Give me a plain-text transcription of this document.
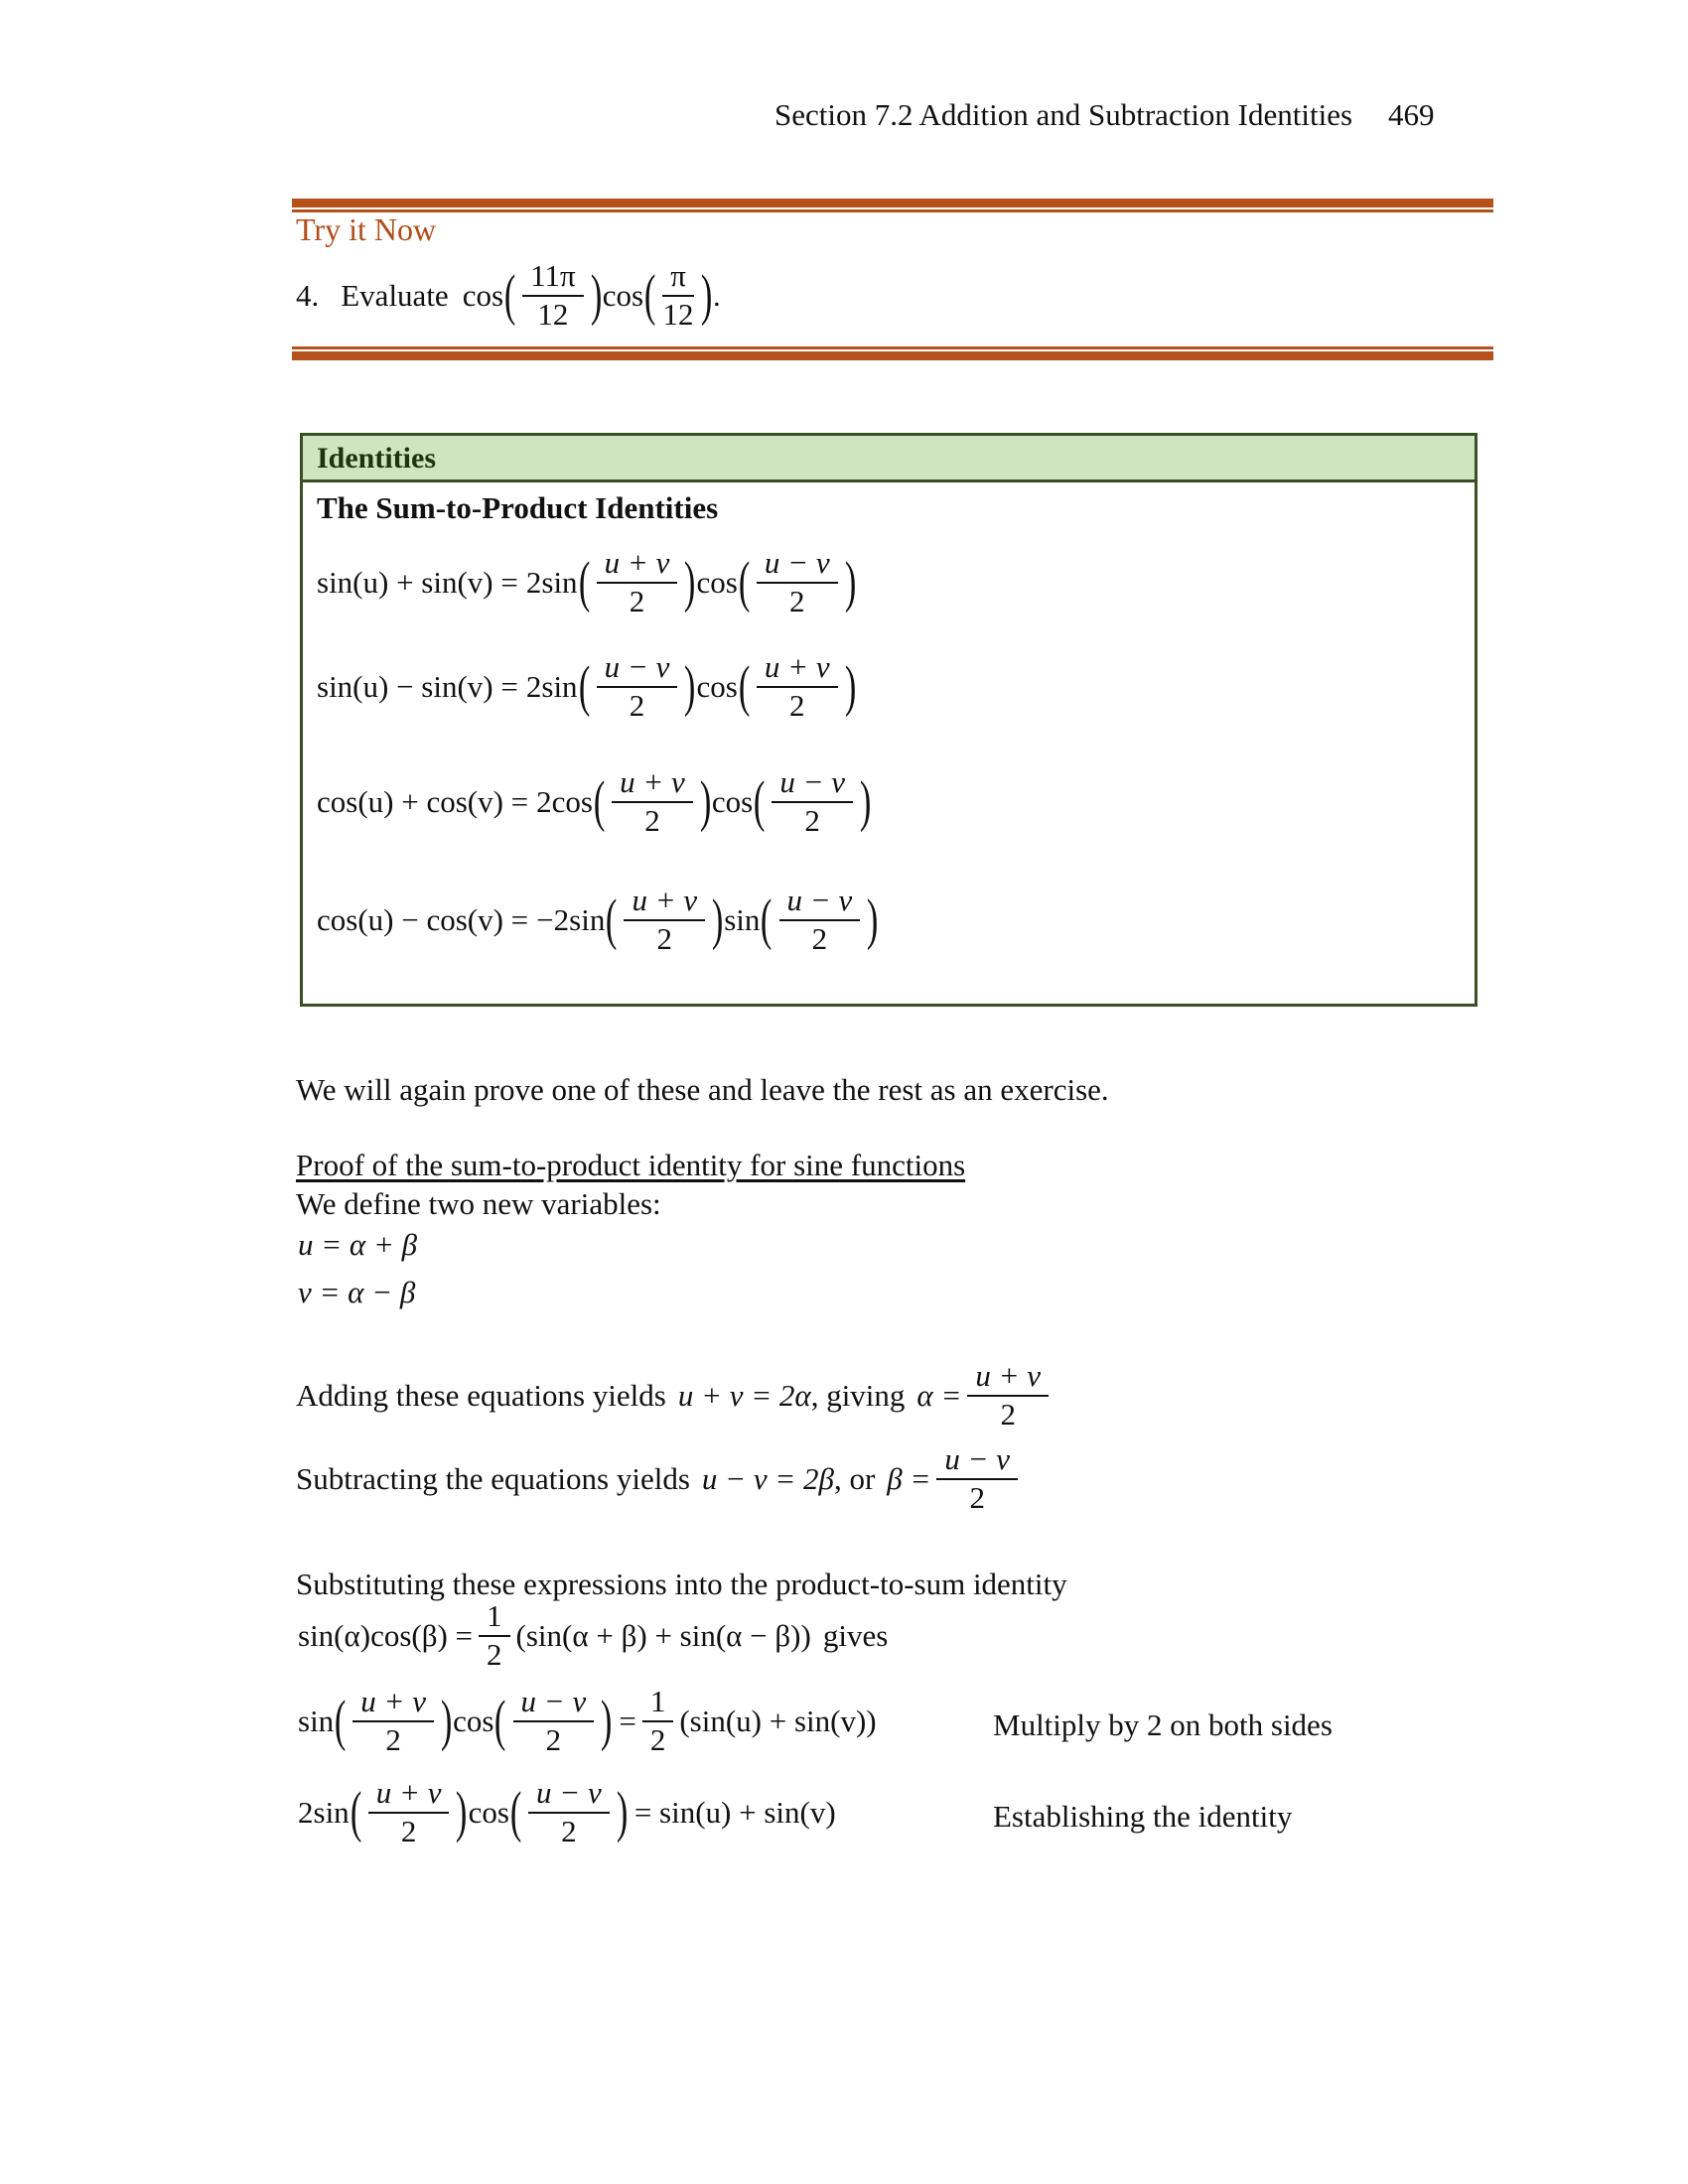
Section 7.2 Addition and Subtraction Identities 469
Try it Now
4. Evaluate cos ( $\frac{11\pi}{12}$ ) cos ( $\frac{\pi}{12}$ ) .
Identities
The Sum-to-Product Identities
sin(u) + sin(v) = 2 sin ( $\frac{u + v}{2}$ ) cos ( $\frac{u - v}{2}$ )
sin(u) − sin(v) = 2 sin ( $\frac{u - v}{2}$ ) cos ( $\frac{u + v}{2}$ )
cos(u) + cos(v) = 2 cos ( $\frac{u + v}{2}$ ) cos ( $\frac{u - v}{2}$ )
cos(u) − cos(v) = −2 sin ( $\frac{u + v}{2}$ ) sin ( $\frac{u - v}{2}$ )
We will again prove one of these and leave the rest as an exercise.
Proof of the sum-to-product identity for sine functions
We define two new variables:
u = α + β
v = α − β
Adding these equations yields u + v = 2α , giving $\alpha = \frac{u + v}{2}$
Subtracting the equations yields u − v = 2β , or $\beta = \frac{u - v}{2}$
Substituting these expressions into the product-to-sum identity
$\sin(\alpha)\cos(\beta) = \frac{1}{2} (\sin(\alpha + \beta) + \sin(\alpha - \beta))$ gives
sin ( $\frac{u + v}{2}$ ) cos ( $\frac{u - v}{2}$ ) = $\frac{1}{2} (\sin(u) + \sin(v))$	Multiply by 2 on both sides
2 sin ( $\frac{u + v}{2}$ ) cos ( $\frac{u - v}{2}$ ) = sin(u) + sin(v)	Establishing the identity
